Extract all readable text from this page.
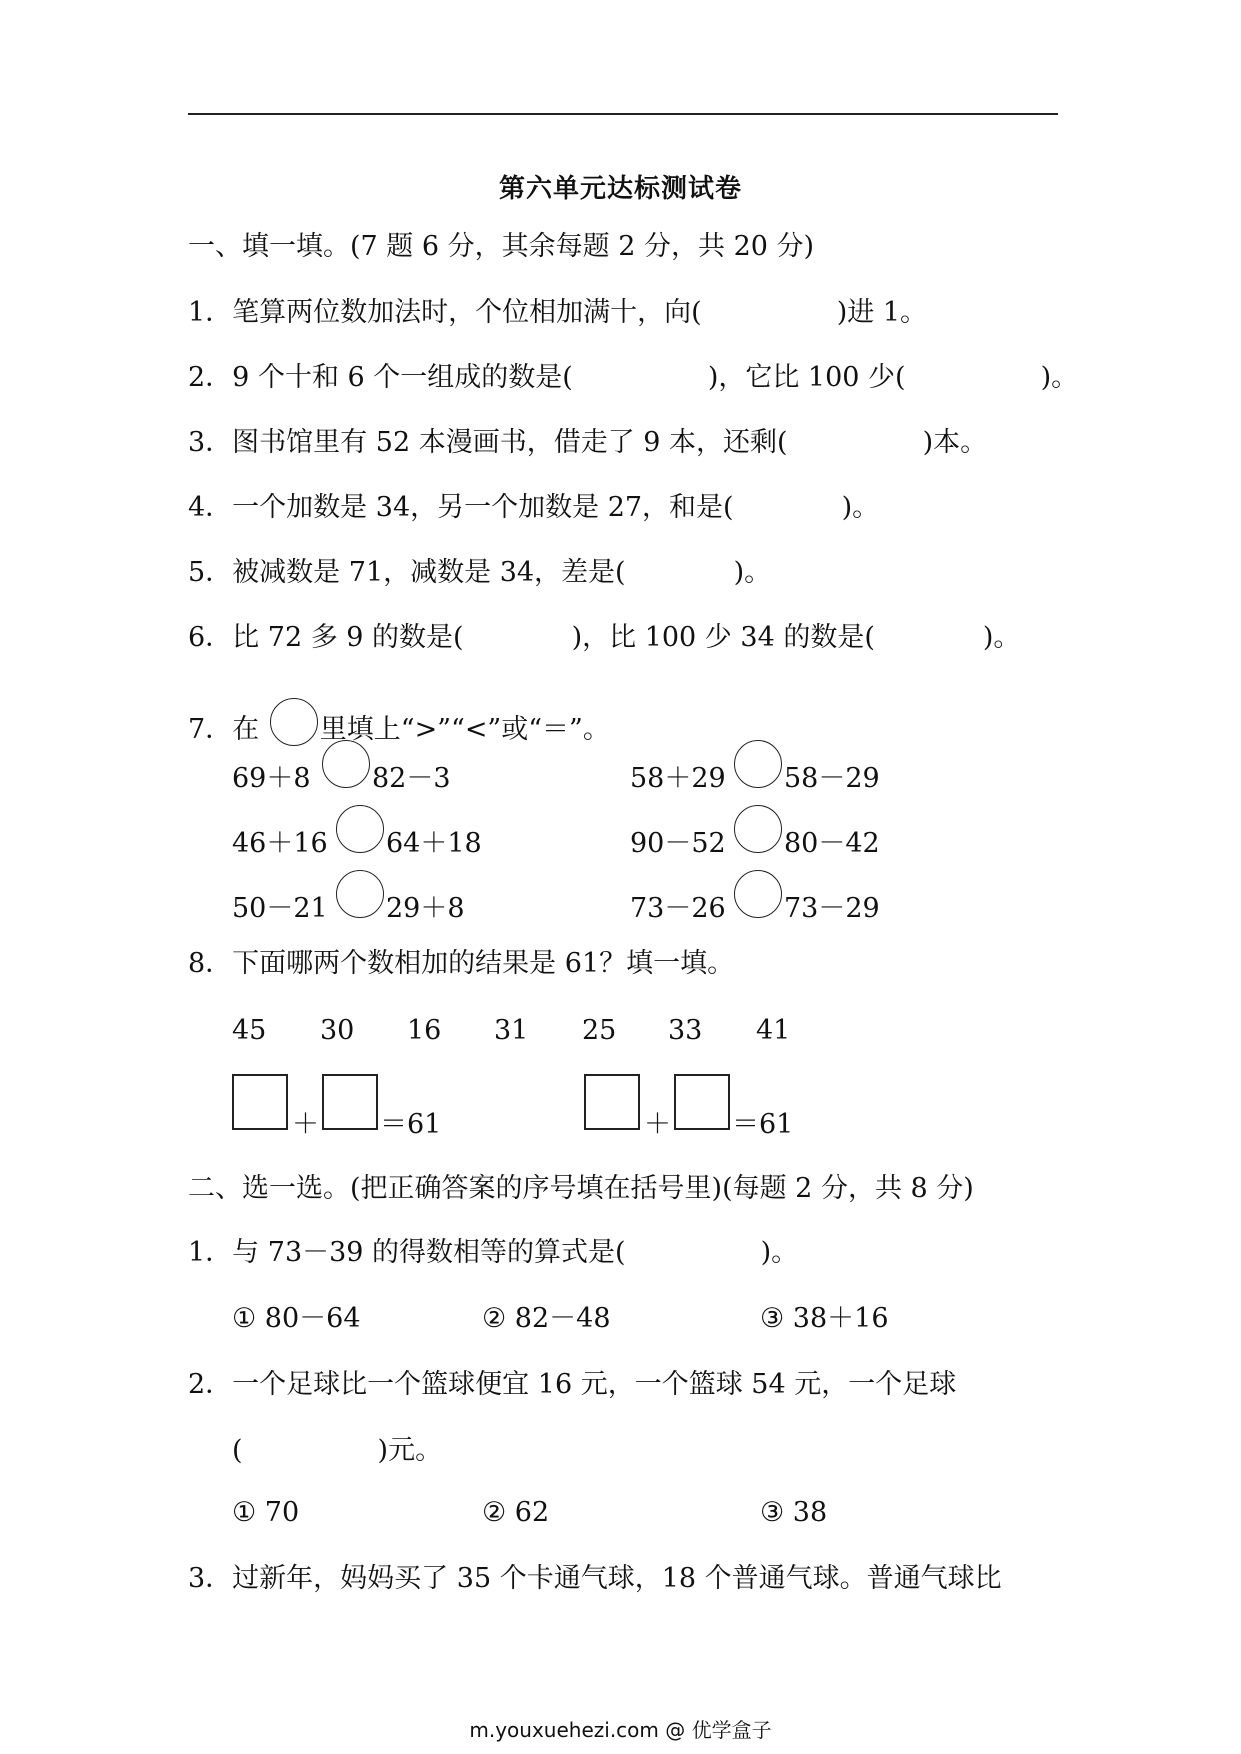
第六单元达标测试卷
一、填一填。(7 题 6 分，其余每题 2 分，共 20 分)
1．笔算两位数加法时，个位相加满十，向(　　　　　)进 1。
2．9 个十和 6 个一组成的数是(　　　　　)，它比 100 少(　　　　　)。
3．图书馆里有 52 本漫画书，借走了 9 本，还剩(　　　　　)本。
4．一个加数是 34，另一个加数是 27，和是(　　　　)。
5．被减数是 71，减数是 34，差是(　　　　)。
6．比 72 多 9 的数是(　　　　)，比 100 少 34 的数是(　　　　)。
7．在 里填上“>”“<”或“＝”。
69＋8 82－3	58＋29 58－29
46＋16 64＋18	90－52 80－42
50－21 29＋8	73－26 73－29
8．下面哪两个数相加的结果是 61？填一填。
45 30 16 31 25 33 41
＋ ＝61	＋ ＝61
二、选一选。(把正确答案的序号填在括号里)(每题 2 分，共 8 分)
1．与 73－39 的得数相等的算式是(　　　　　)。
① 80－64	② 82－48	③ 38＋16
2．一个足球比一个篮球便宜 16 元，一个篮球 54 元，一个足球
(　　　　　)元。
① 70	② 62	③ 38
3．过新年，妈妈买了 35 个卡通气球，18 个普通气球。普通气球比
m.youxuehezi.com @ 优学盒子
